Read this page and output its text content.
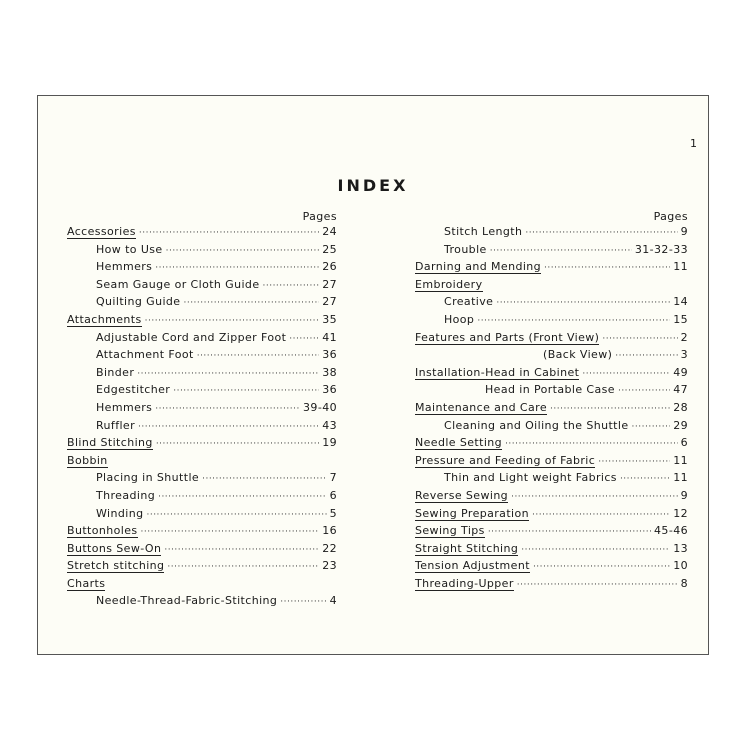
1
INDEX
Pages
Accessories ·····	24
How to Use ·····	25
Hemmers ·····	26
Seam Gauge or Cloth Guide ·····	27
Quilting Guide ·····	27
Attachments ·····	35
Adjustable Cord and Zipper Foot ·····	41
Attachment Foot ·····	36
Binder ·····	38
Edgestitcher ·····	36
Hemmers ·····	39-40
Ruffler ·····	43
Blind Stitching ·····	19
Bobbin
Placing in Shuttle ·····	7
Threading ·····	6
Winding ·····	5
Buttonholes ·····	16
Buttons Sew-On ·····	22
Stretch stitching ·····	23
Charts
Needle-Thread-Fabric-Stitching ·····	4
Pages
Stitch Length ·····	9
Trouble ·····	31-32-33
Darning and Mending ·····	11
Embroidery
Creative ·····	14
Hoop ·····	15
Features and Parts (Front View) ·····	2
(Back View) ·····	3
Installation-Head in Cabinet ·····	49
Head in Portable Case ·····	47
Maintenance and Care ·····	28
Cleaning and Oiling the Shuttle ·····	29
Needle Setting ·····	6
Pressure and Feeding of Fabric ·····	11
Thin and Light weight Fabrics ·····	11
Reverse Sewing ·····	9
Sewing Preparation ·····	12
Sewing Tips ·····	45-46
Straight Stitching ·····	13
Tension Adjustment ·····	10
Threading-Upper ·····	8
